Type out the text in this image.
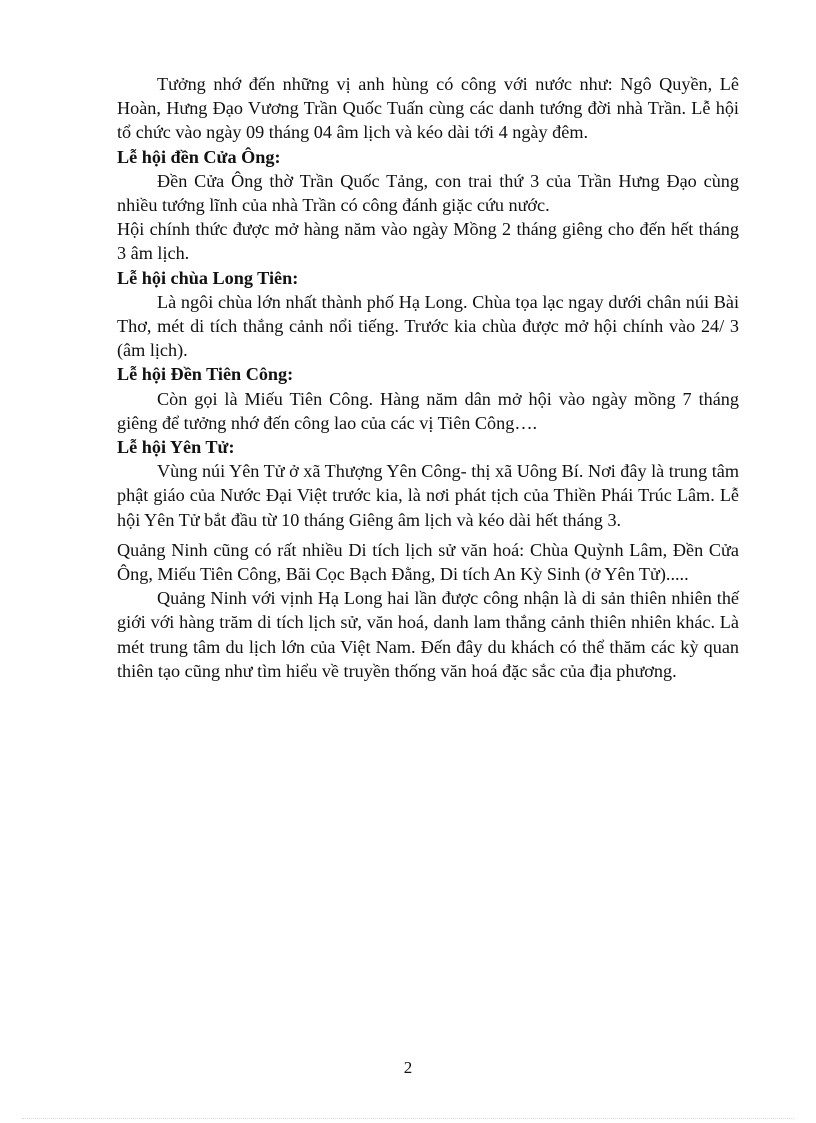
Tưởng nhớ đến những vị anh hùng có công với nước như: Ngô Quyền, Lê Hoàn, Hưng Đạo Vương Trần Quốc Tuấn cùng các danh tướng đời nhà Trần. Lễ hội tổ chức vào ngày 09 tháng 04 âm lịch và kéo dài tới 4 ngày đêm.

Lễ hội đền Cửa Ông:

Đền Cửa Ông thờ Trần Quốc Tảng, con trai thứ 3 của Trần Hưng Đạo cùng nhiều tướng lĩnh của nhà Trần có công đánh giặc cứu nước.

Hội chính thức được mở hàng năm vào ngày Mồng 2 tháng giêng cho đến hết tháng 3 âm lịch.

Lễ hội chùa Long Tiên:

Là ngôi chùa lớn nhất thành phố Hạ Long. Chùa tọa lạc ngay dưới chân núi Bài Thơ, mét di tích thắng cảnh nổi tiếng. Trước kia chùa được mở hội chính vào 24/ 3 (âm lịch).

Lễ hội Đền Tiên Công:

Còn gọi là Miếu Tiên Công. Hàng năm dân mở hội vào ngày mồng 7 tháng giêng để tưởng nhớ đến công lao của các vị Tiên Công….

Lễ hội Yên Tử:

Vùng núi Yên Tử ở xã Thượng Yên Công- thị xã Uông Bí. Nơi đây là trung tâm phật giáo của Nước Đại Việt trước kia, là nơi phát tịch của Thiền Phái Trúc Lâm. Lễ hội Yên Tử bắt đầu từ 10 tháng Giêng âm lịch và kéo dài hết tháng 3.

Quảng Ninh cũng có rất nhiều Di tích lịch sử văn hoá: Chùa Quỳnh Lâm, Đền Cửa Ông, Miếu Tiên Công, Bãi Cọc Bạch Đằng, Di tích An Kỳ Sinh (ở Yên Tử).....

Quảng Ninh với vịnh Hạ Long hai lần được công nhận là di sản thiên nhiên thế giới với hàng trăm di tích lịch sử, văn hoá, danh lam thắng cảnh thiên nhiên khác. Là mét trung tâm du lịch lớn của Việt Nam. Đến đây du khách có thể thăm các kỳ quan thiên tạo cũng như tìm hiểu về truyền thống văn hoá đặc sắc của địa phương.

2
